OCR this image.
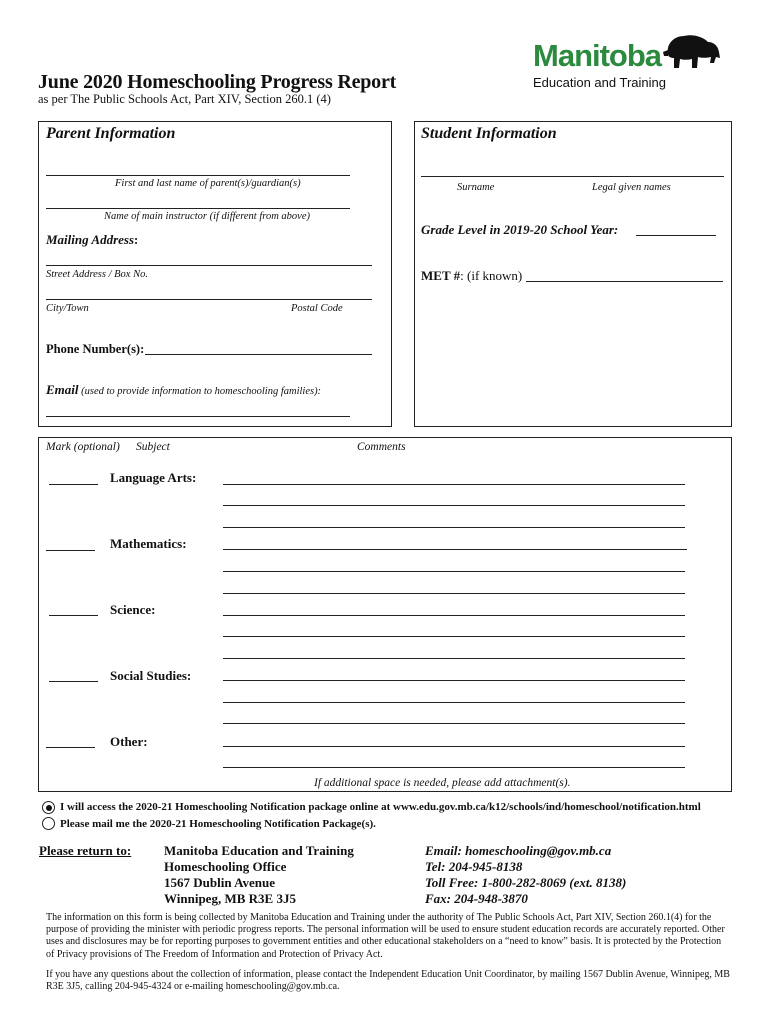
June 2020 Homeschooling Progress Report
as per The Public Schools Act, Part XIV, Section 260.1 (4)
Manitoba
Education and Training
Parent Information
First and last name of parent(s)/guardian(s)
Name of main instructor (if different from above)
Mailing Address:
Street Address / Box No.
City/Town	Postal Code
Phone Number(s):
Email (used to provide information to homeschooling families):
Student Information
Surname	Legal given names
Grade Level in 2019-20 School Year:
MET #: (if known)
Mark (optional) Subject	Comments
Language Arts:
Mathematics:
Science:
Social Studies:
Other:
If additional space is needed, please add attachment(s).
I will access the 2020-21 Homeschooling Notification package online at www.edu.gov.mb.ca/k12/schools/ind/homeschool/notification.html
Please mail me the 2020-21 Homeschooling Notification Package(s).
Please return to:	Manitoba Education and Training
Homeschooling Office
1567 Dublin Avenue
Winnipeg, MB R3E 3J5
Email: homeschooling@gov.mb.ca
Tel: 204-945-8138
Toll Free: 1-800-282-8069 (ext. 8138)
Fax: 204-948-3870
The information on this form is being collected by Manitoba Education and Training under the authority of The Public Schools Act, Part XIV, Section 260.1(4) for the purpose of providing the minister with periodic progress reports. The personal information will be used to ensure student education records are accurately reported. Other uses and disclosures may be for reporting purposes to government entities and other educational stakeholders on a “need to know” basis. It is protected by the Protection of Privacy provisions of The Freedom of Information and Protection of Privacy Act.
If you have any questions about the collection of information, please contact the Independent Education Unit Coordinator, by mailing 1567 Dublin Avenue, Winnipeg, MB R3E 3J5, calling 204-945-4324 or e-mailing homeschooling@gov.mb.ca.
